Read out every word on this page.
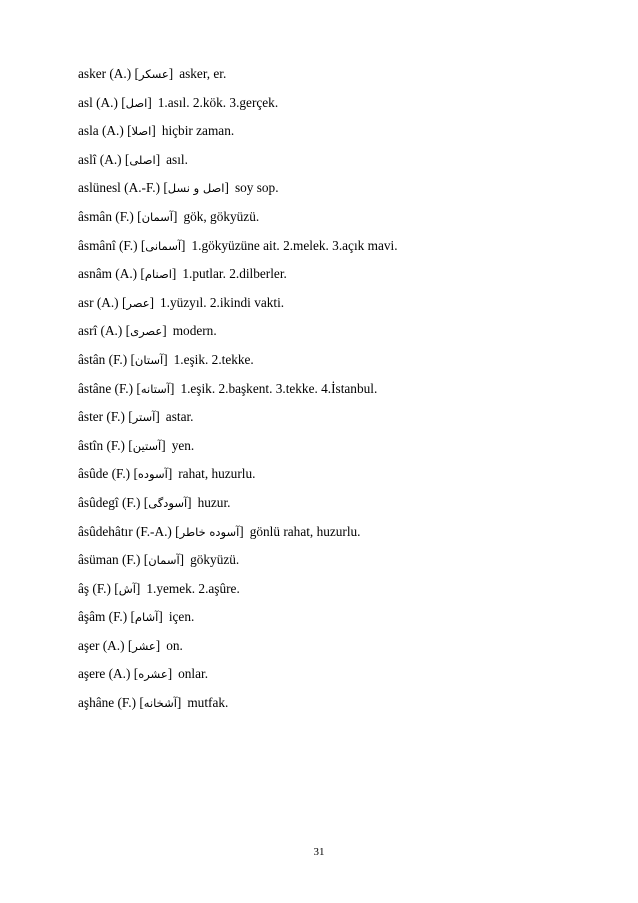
asker (A.) [عسكر] asker, er.
asl (A.) [اصل] 1.asıl. 2.kök. 3.gerçek.
asla (A.) [اصلا] hiçbir zaman.
aslî (A.) [اصلى] asıl.
aslünesl (A.-F.) [اصل و نسل] soy sop.
âsmân (F.) [آسمان] gök, gökyüzü.
âsmânî (F.) [آسمانى] 1.gökyüzüne ait. 2.melek. 3.açık mavi.
asnâm (A.) [اصنام] 1.putlar. 2.dilberler.
asr (A.) [عصر] 1.yüzyıl. 2.ikindi vakti.
asrî (A.) [عصرى] modern.
âstân (F.) [آستان] 1.eşik. 2.tekke.
âstâne (F.) [آستانه] 1.eşik. 2.başkent. 3.tekke. 4.İstanbul.
âster (F.) [آستر] astar.
âstîn (F.) [آستين] yen.
âsûde (F.) [آسوده] rahat, huzurlu.
âsûdegî (F.) [آسودگى] huzur.
âsûdehâtır (F.-A.) [آسوده خاطر] gönlü rahat, huzurlu.
âsüman (F.) [آسمان] gökyüzü.
âş (F.) [آش] 1.yemek. 2.aşûre.
âşâm (F.) [آشام] içen.
aşer (A.) [عشر] on.
aşere (A.) [عشره] onlar.
aşhâne (F.) [آشخانه] mutfak.
31
